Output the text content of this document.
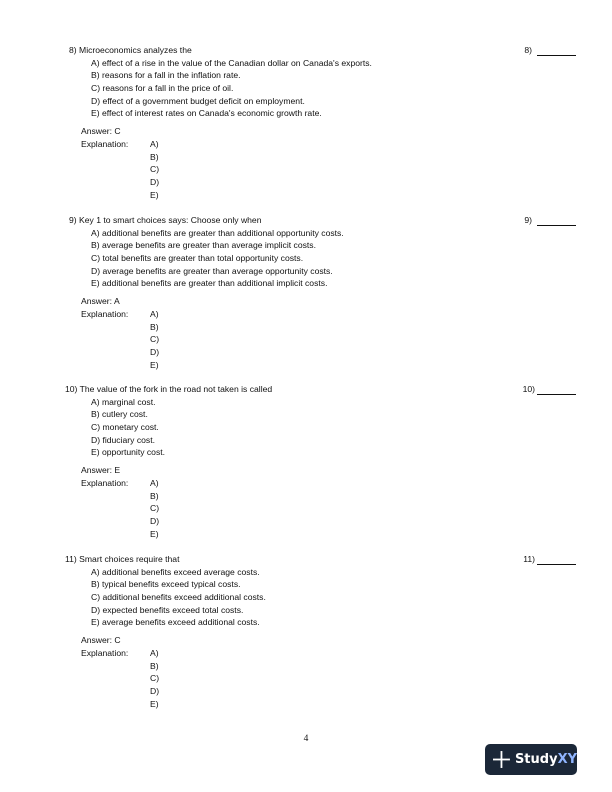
8) Microeconomics analyzes the	8)
A) effect of a rise in the value of the Canadian dollar on Canada's exports.
B) reasons for a fall in the inflation rate.
C) reasons for a fall in the price of oil.
D) effect of a government budget deficit on employment.
E) effect of interest rates on Canada's economic growth rate.
Answer: C
Explanation:	A)
B)
C)
D)
E)
9) Key 1 to smart choices says: Choose only when	9)
A) additional benefits are greater than additional opportunity costs.
B) average benefits are greater than average implicit costs.
C) total benefits are greater than total opportunity costs.
D) average benefits are greater than average opportunity costs.
E) additional benefits are greater than additional implicit costs.
Answer: A
Explanation:	A)
B)
C)
D)
E)
10) The value of the fork in the road not taken is called	10)
A) marginal cost.
B) cutlery cost.
C) monetary cost.
D) fiduciary cost.
E) opportunity cost.
Answer: E
Explanation:	A)
B)
C)
D)
E)
11) Smart choices require that	11)
A) additional benefits exceed average costs.
B) typical benefits exceed typical costs.
C) additional benefits exceed additional costs.
D) expected benefits exceed total costs.
E) average benefits exceed additional costs.
Answer: C
Explanation:	A)
B)
C)
D)
E)
4
StudyXY
